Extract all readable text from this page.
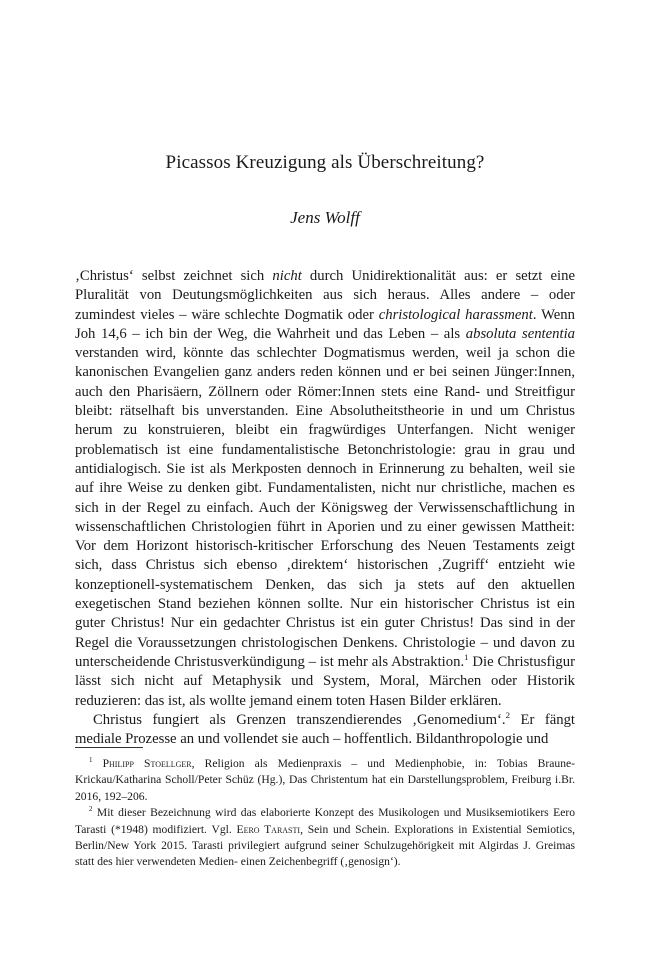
Picassos Kreuzigung als Überschreitung?
Jens Wolff

‚Christus‘ selbst zeichnet sich nicht durch Unidirektionalität aus: er setzt eine Pluralität von Deutungsmöglichkeiten aus sich heraus. Alles andere – oder zumindest vieles – wäre schlechte Dogmatik oder christological harassment. Wenn Joh 14,6 – ich bin der Weg, die Wahrheit und das Leben – als absoluta sententia verstanden wird, könnte das schlechter Dogmatismus werden, weil ja schon die kanonischen Evangelien ganz anders reden können und er bei seinen Jünger:Innen, auch den Pharisäern, Zöllnern oder Römer:Innen stets eine Rand- und Streitfigur bleibt: rätselhaft bis unverstanden. Eine Absolutheitstheorie in und um Christus herum zu konstruieren, bleibt ein fragwürdiges Unterfangen. Nicht weniger problematisch ist eine fundamentalistische Betonchristologie: grau in grau und antidialogisch. Sie ist als Merkposten dennoch in Erinnerung zu behalten, weil sie auf ihre Weise zu denken gibt. Fundamentalisten, nicht nur christliche, machen es sich in der Regel zu einfach. Auch der Königsweg der Verwissenschaftlichung in wissenschaftlichen Christologien führt in Aporien und zu einer gewissen Mattheit: Vor dem Horizont historisch-kritischer Erforschung des Neuen Testaments zeigt sich, dass Christus sich ebenso ‚direktem‘ historischen ‚Zugriff‘ entzieht wie konzeptionell-systematischem Denken, das sich ja stets auf den aktuellen exegetischen Stand beziehen können sollte. Nur ein historischer Christus ist ein guter Christus! Nur ein gedachter Christus ist ein guter Christus! Das sind in der Regel die Voraussetzungen christologischen Denkens. Christologie – und davon zu unterscheidende Christusverkündigung – ist mehr als Abstraktion.$^1$ Die Christusfigur lässt sich nicht auf Metaphysik und System, Moral, Märchen oder Historik reduzieren: das ist, als wollte jemand einem toten Hasen Bilder erklären.

Christus fungiert als Grenzen transzendierendes ‚Genomedium‘.$^2$ Er fängt mediale Prozesse an und vollendet sie auch – hoffentlich. Bildanthropologie und

$^1$ Philipp Stoellger, Religion als Medienpraxis – und Medienphobie, in: Tobias Braune-Krickau/Katharina Scholl/Peter Schüz (Hg.), Das Christentum hat ein Darstellungsproblem, Freiburg i.Br. 2016, 192–206.

$^2$ Mit dieser Bezeichnung wird das elaborierte Konzept des Musikologen und Musiksemiotikers Eero Tarasti (*1948) modifiziert. Vgl. Eero Tarasti, Sein und Schein. Explorations in Existential Semiotics, Berlin/New York 2015. Tarasti privilegiert aufgrund seiner Schulzugehörigkeit mit Algirdas J. Greimas statt des hier verwendeten Medien- einen Zeichenbegriff (‚genosign‘).
